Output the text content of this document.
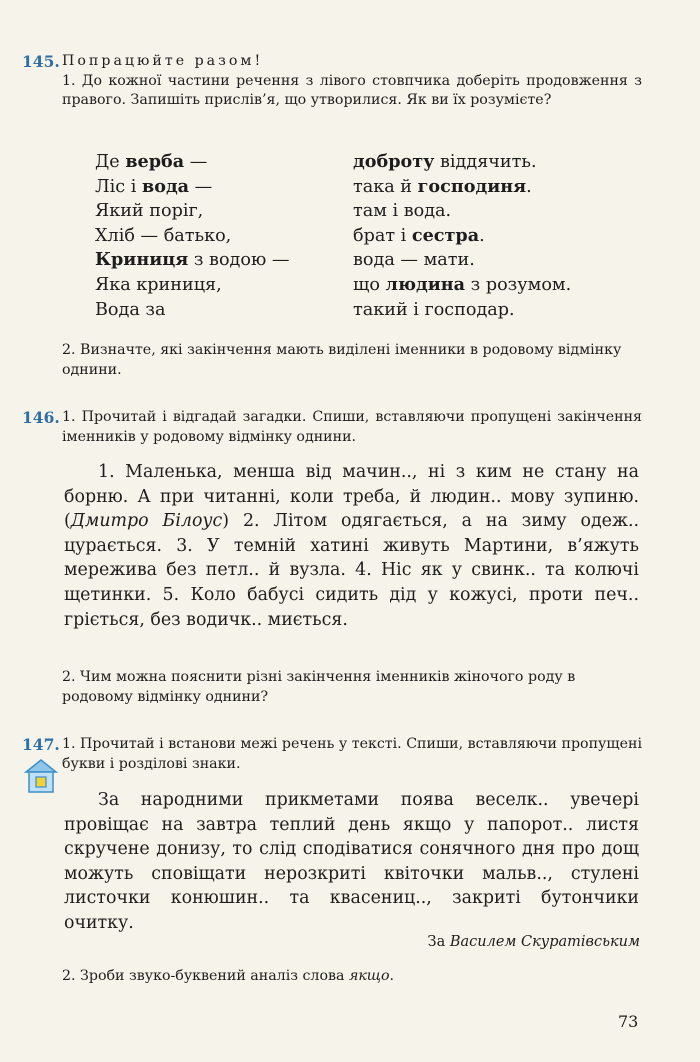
145. Попрацюйте разом!
1. До кожної частини речення з лівого стовпчика доберіть продовження з правого. Запишіть прислів’я, що утворилися. Як ви їх розумієте?
Де верба —	доброту віддячить.
Ліс і вода —	така й господиня.
Який поріг,	там і вода.
Хліб — батько,	брат і сестра.
Криниця з водою —	вода — мати.
Яка криниця,	що людина з розумом.
Вода за	такий і господар.
2. Визначте, які закінчення мають виділені іменники в родовому відмінку однини.
146. 1. Прочитай і відгадай загадки. Спиши, вставляючи пропущені закінчення іменників у родовому відмінку однини.
1. Маленька, менша від мачин.., ні з ким не стану на борню. А при читанні, коли треба, й людин.. мову зупиню. (Дмитро Білоус) 2. Літом одягається, а на зиму одеж.. цурається. 3. У темній хатині живуть Мартини, в’яжуть мережива без петл.. й вузла. 4. Ніс як у свинк.. та колючі щетинки. 5. Коло бабусі сидить дід у кожусі, проти печ.. гріється, без водичк.. миється.
2. Чим можна пояснити різні закінчення іменників жіночого роду в родовому відмінку однини?
147. 1. Прочитай і встанови межі речень у тексті. Спиши, вставляючи пропущені букви і розділові знаки.
За народними прикметами поява веселк.. увечері провіщає на завтра теплий день якщо у папорот.. листя скручене донизу, то слід сподіватися сонячного дня про дощ можуть сповіщати нерозкриті квіточки мальв.., стулені листочки конюшин.. та квасениц.., закриті бутончики очитку.
За Василем Скуратівським
2. Зроби звуко-буквений аналіз слова якщо.
73
